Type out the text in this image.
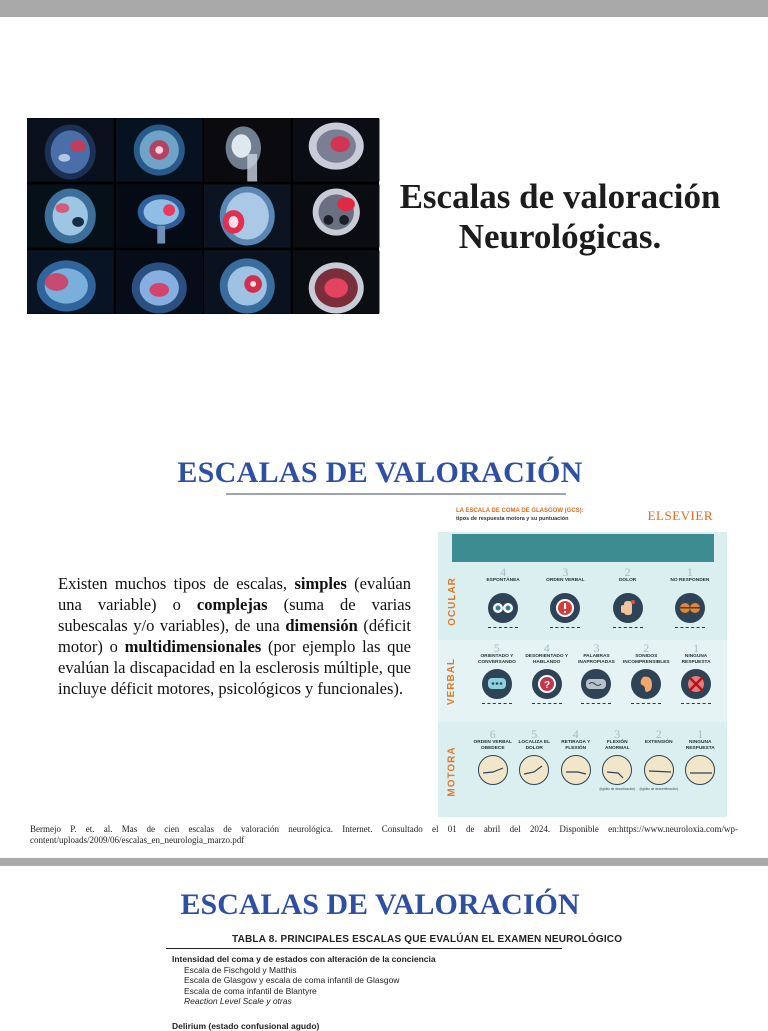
Escalas de valoración
Neurológicas.
ESCALAS DE VALORACIÓN

Existen muchos tipos de escalas, simples (evalúan una variable) o complejas (suma de varias subescalas y/o variables), de una dimensión (déficit motor) o multidimensionales (por ejemplo las que evalúan la discapacidad en la esclerosis múltiple, que incluye déficit motores, psicológicos y funcionales).

LA ESCALA DE COMA DE GLASGOW (GCS):
tipos de respuesta motora y su puntuación	ELSEVIER
OCULAR
4
ESPONTÁNEA
3
ORDEN VERBAL
2
DOLOR
1
NO RESPONDEN
VERBAL
5
ORIENTADO Y CONVERSANDO
4
DESORIENTADO Y HABLANDO
?
3
PALABRAS INAPROPIADAS
2
SONIDOS INCOMPRENSIBLES
1
NINGUNA RESPUESTA
MOTORA
6
ORDEN VERBAL OBEDECE
5
LOCALIZA EL DOLOR
4
RETIRADA Y FLEXIÓN
3
FLEXIÓN ANORMAL
(rigidez de decorticación)
2
EXTENSIÓN
(rigidez de descerebración)
1
NINGUNA RESPUESTA

Bermejo P. et. al. Mas de cien escalas de valoración neurológica. Internet. Consultado el 01 de abril del 2024. Disponible en:https://www.neuroloxia.com/wp-content/uploads/2009/06/escalas_en_neurologia_marzo.pdf

ESCALAS DE VALORACIÓN
TABLA 8. PRINCIPALES ESCALAS QUE EVALÚAN EL EXAMEN NEUROLÓGICO
Intensidad del coma y de estados con alteración de la conciencia
Escala de Fischgold y Matthis
Escala de Glasgow y escala de coma infantil de Glasgow
Escala de coma infantil de Blantyre
Reaction Level Scale y otras
Delirium (estado confusional agudo)
